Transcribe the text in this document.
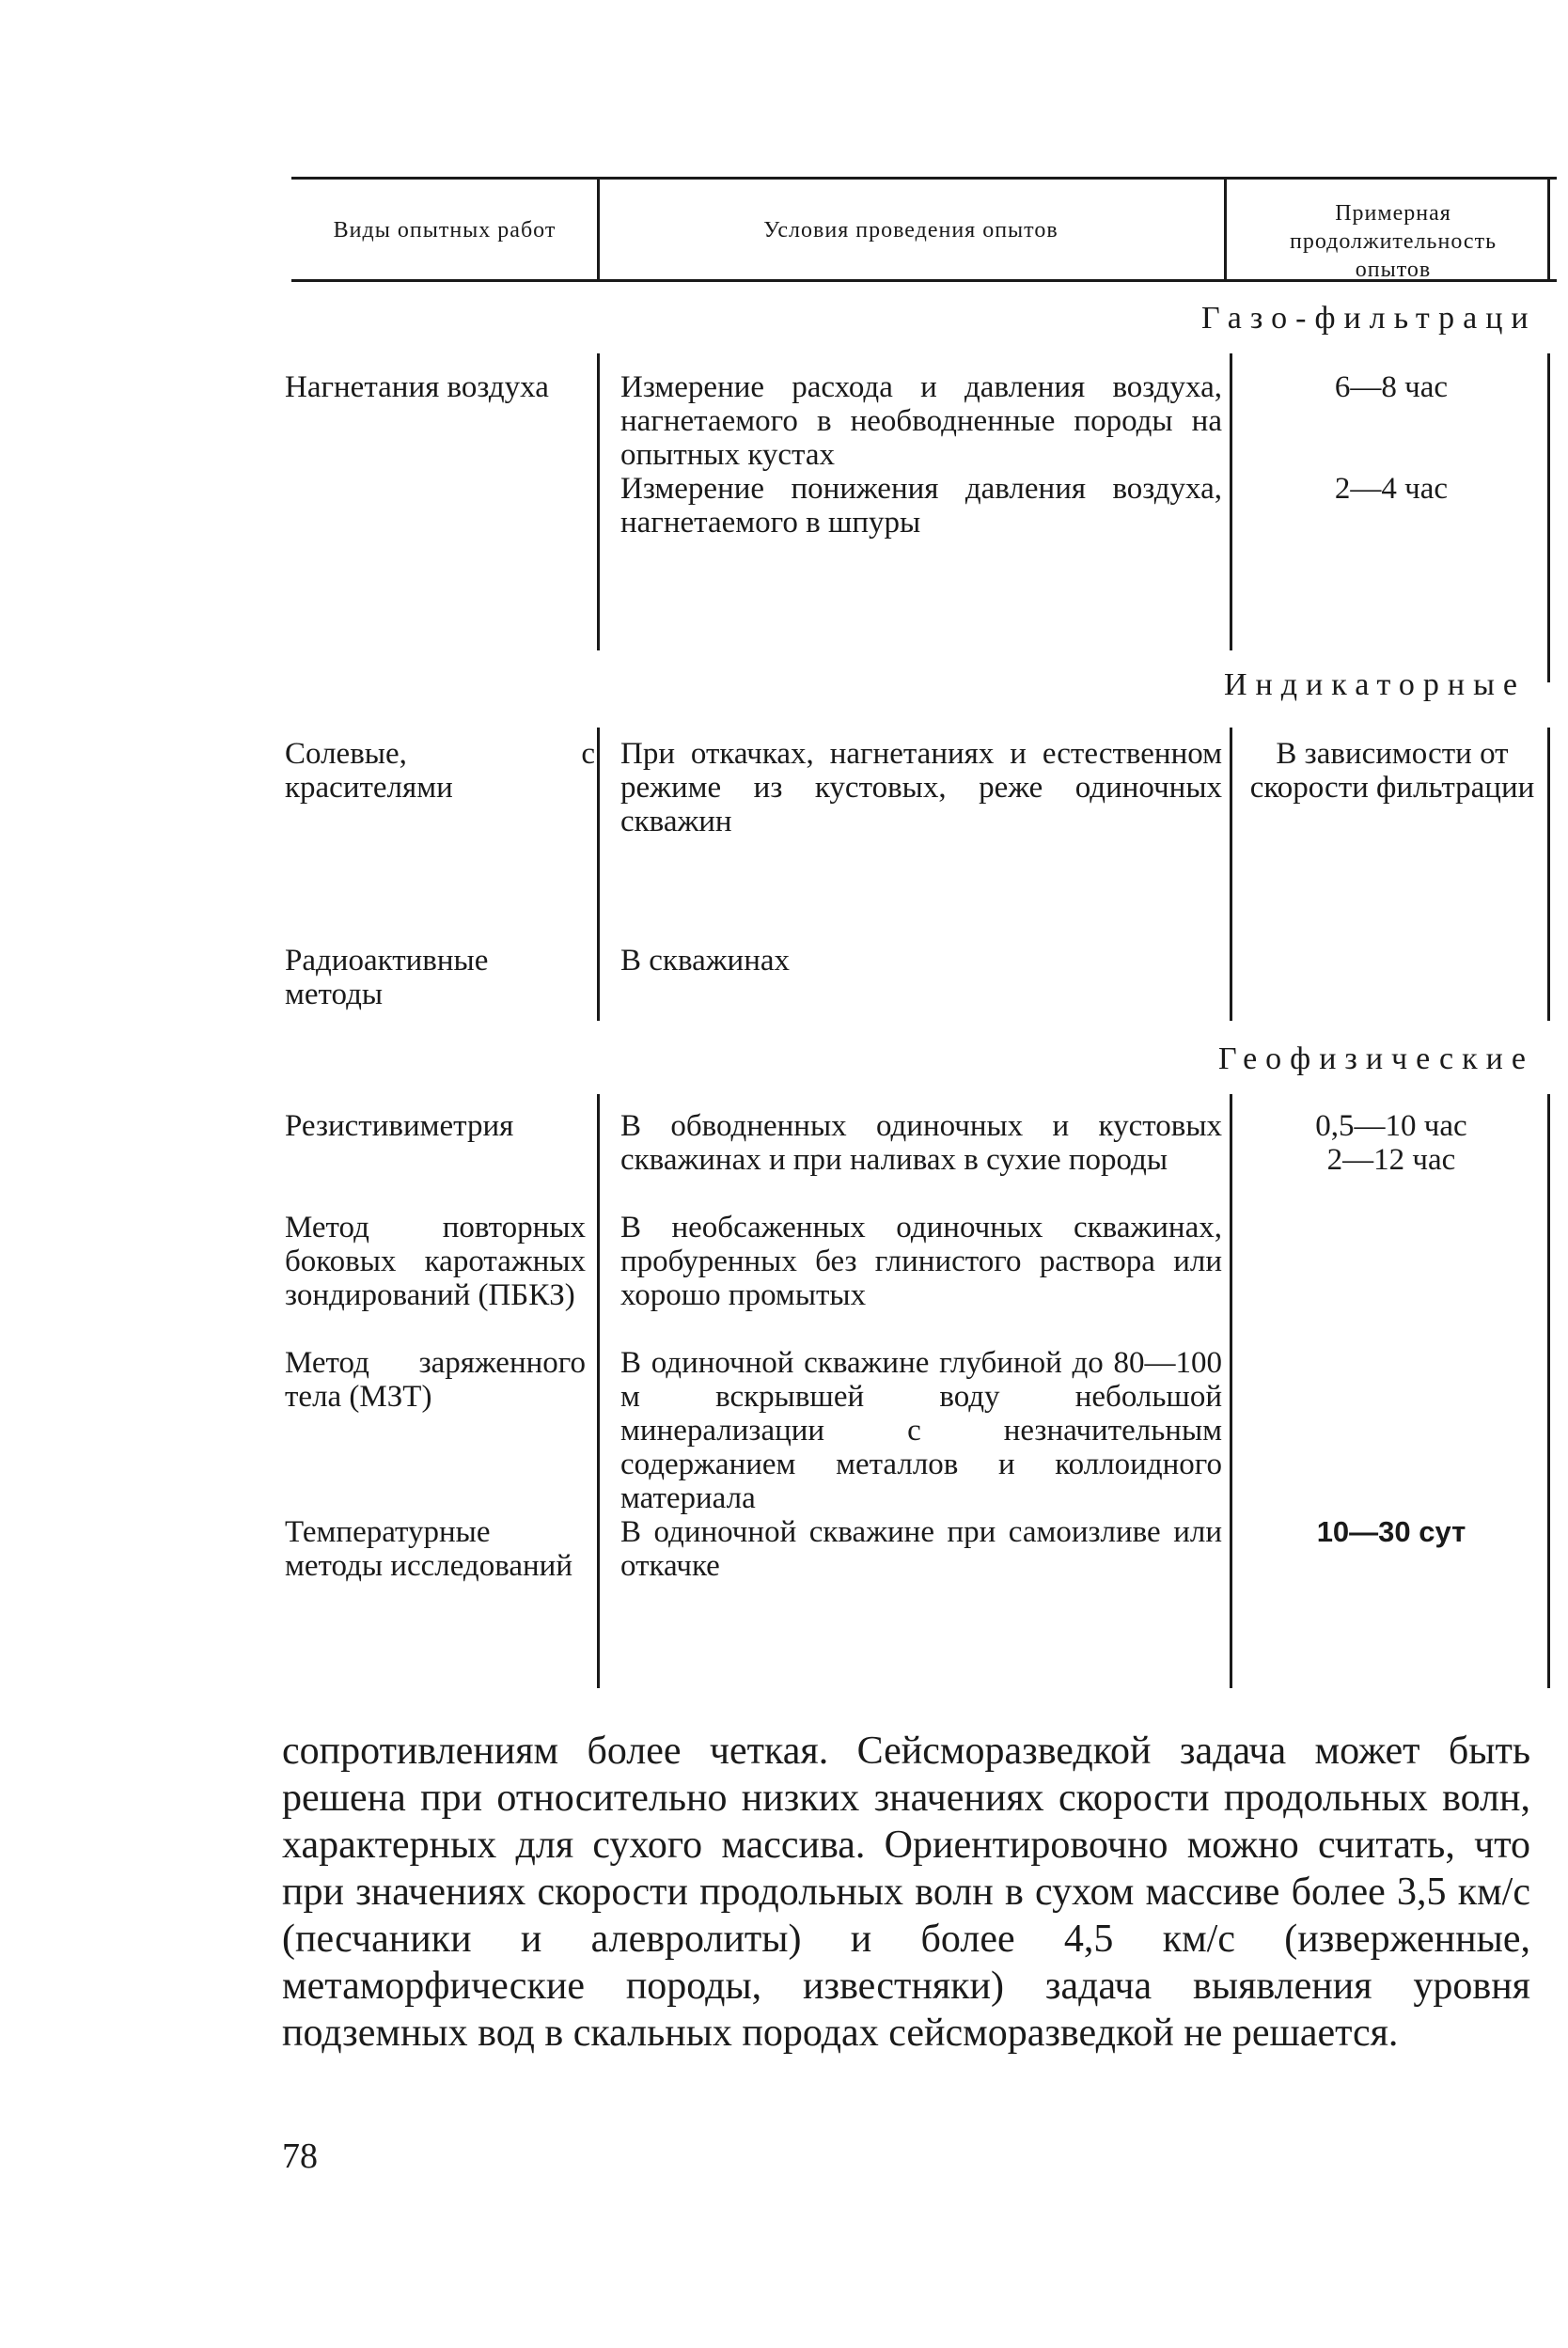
Виды опытных работ	Условия проведения опытов
Примерная продолжительность опытов
Газо-фильтраци
Нагнетания воздуха Измерение расхода и давления воздуха, нагнетаемого в необводненные породы на опытных кустах
6—8 час
Измерение понижения давления воздуха, нагнетаемого в шпуры
2—4 час
Индикаторные
Солевые, с красителями
При откачках, нагнетаниях и естественном режиме из кустовых, реже одиночных скважин
В зависимости от скорости фильтрации
Радиоактивные методы
В скважинах
Геофизические
Резистивиметрия	В обводненных одиночных и кустовых скважинах и при наливах в сухие породы
0,5—10 час
2—12 час
Метод повторных боковых каротажных зондирований (ПБКЗ)
В необсаженных одиночных скважинах, пробуренных без глинистого раствора или хорошо промытых
Метод заряженного тела (МЗТ)
В одиночной скважине глубиной до 80—100 м вскрывшей воду небольшой минерализации с незначительным содержанием металлов и коллоидного материала
Температурные методы исследований
В одиночной скважине при самоизливе или откачке
10—30 сут
сопротивлениям более четкая. Сейсморазведкой задача может быть решена при относительно низких значениях скорости продольных волн, характерных для сухого массива. Ориентировочно можно считать, что при значениях скорости продольных волн в сухом массиве более 3,5 км/с (песчаники и алевролиты) и более 4,5 км/с (изверженные, метаморфические породы, известняки) задача выявления уровня подземных вод в скальных породах сейсморазведкой не решается.
78
